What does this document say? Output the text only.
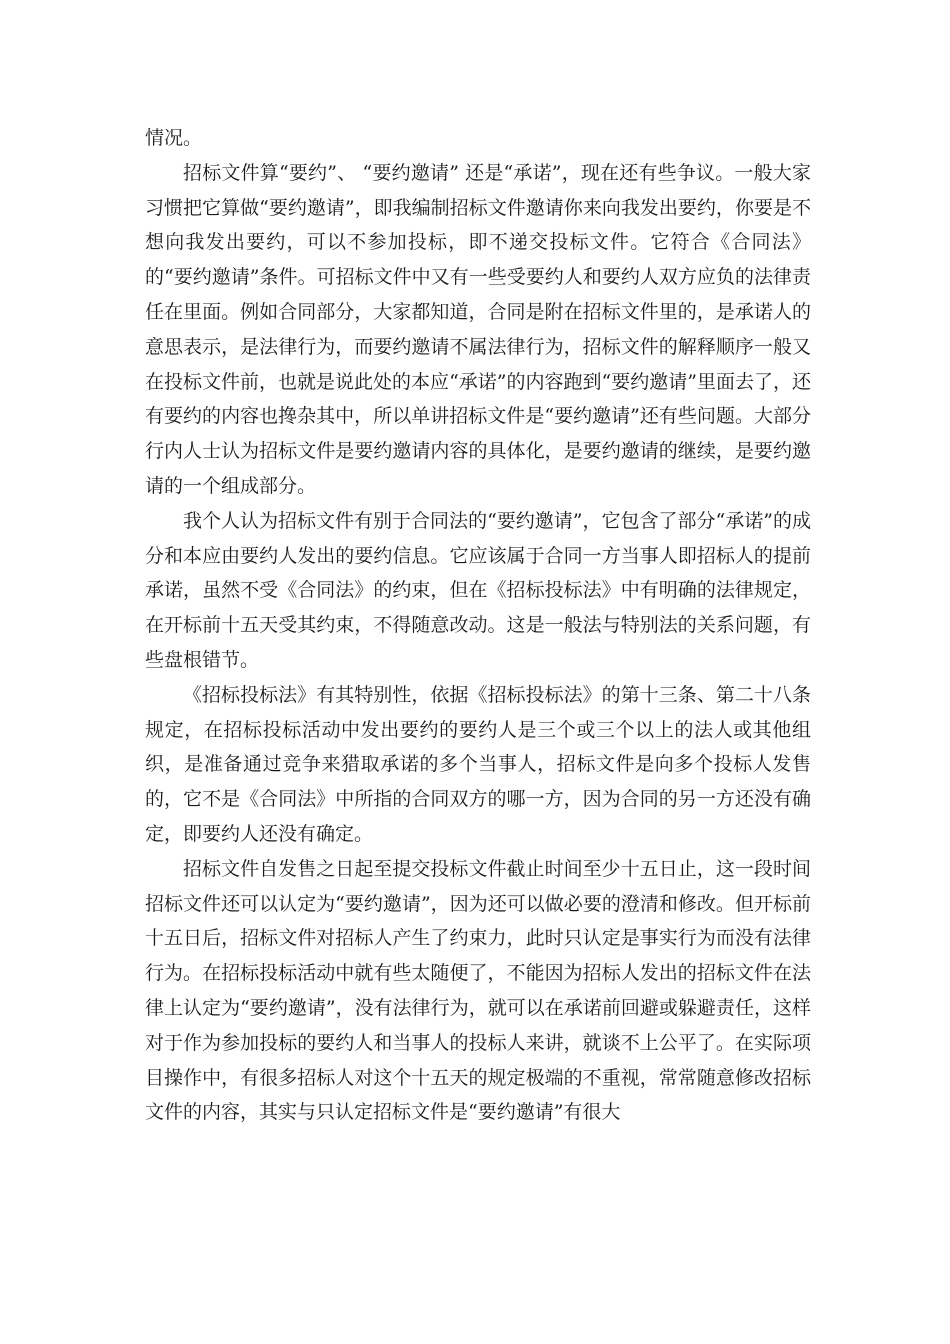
情况。

招标文件算“要约”、 “要约邀请” 还是“承诺”，现在还有些争议。一般大家习惯把它算做“要约邀请”，即我编制招标文件邀请你来向我发出要约，你要是不想向我发出要约，可以不参加投标，即不递交投标文件。它符合《合同法》的“要约邀请”条件。可招标文件中又有一些受要约人和要约人双方应负的法律责任在里面。例如合同部分，大家都知道，合同是附在招标文件里的，是承诺人的意思表示，是法律行为，而要约邀请不属法律行为，招标文件的解释顺序一般又在投标文件前，也就是说此处的本应“承诺”的内容跑到“要约邀请”里面去了，还有要约的内容也搀杂其中，所以单讲招标文件是“要约邀请”还有些问题。大部分行内人士认为招标文件是要约邀请内容的具体化，是要约邀请的继续，是要约邀请的一个组成部分。

我个人认为招标文件有别于合同法的“要约邀请”，它包含了部分“承诺”的成分和本应由要约人发出的要约信息。它应该属于合同一方当事人即招标人的提前承诺，虽然不受《合同法》的约束，但在《招标投标法》中有明确的法律规定，在开标前十五天受其约束，不得随意改动。这是一般法与特别法的关系问题，有些盘根错节。

《招标投标法》有其特别性，依据《招标投标法》的第十三条、第二十八条规定，在招标投标活动中发出要约的要约人是三个或三个以上的法人或其他组织，是准备通过竞争来猎取承诺的多个当事人，招标文件是向多个投标人发售的，它不是《合同法》中所指的合同双方的哪一方，因为合同的另一方还没有确定，即要约人还没有确定。

招标文件自发售之日起至提交投标文件截止时间至少十五日止，这一段时间招标文件还可以认定为“要约邀请”，因为还可以做必要的澄清和修改。但开标前十五日后，招标文件对招标人产生了约束力，此时只认定是事实行为而没有法律行为。在招标投标活动中就有些太随便了，不能因为招标人发出的招标文件在法律上认定为“要约邀请”，没有法律行为，就可以在承诺前回避或躲避责任，这样对于作为参加投标的要约人和当事人的投标人来讲，就谈不上公平了。在实际项目操作中，有很多招标人对这个十五天的规定极端的不重视，常常随意修改招标文件的内容，其实与只认定招标文件是“要约邀请”有很大
